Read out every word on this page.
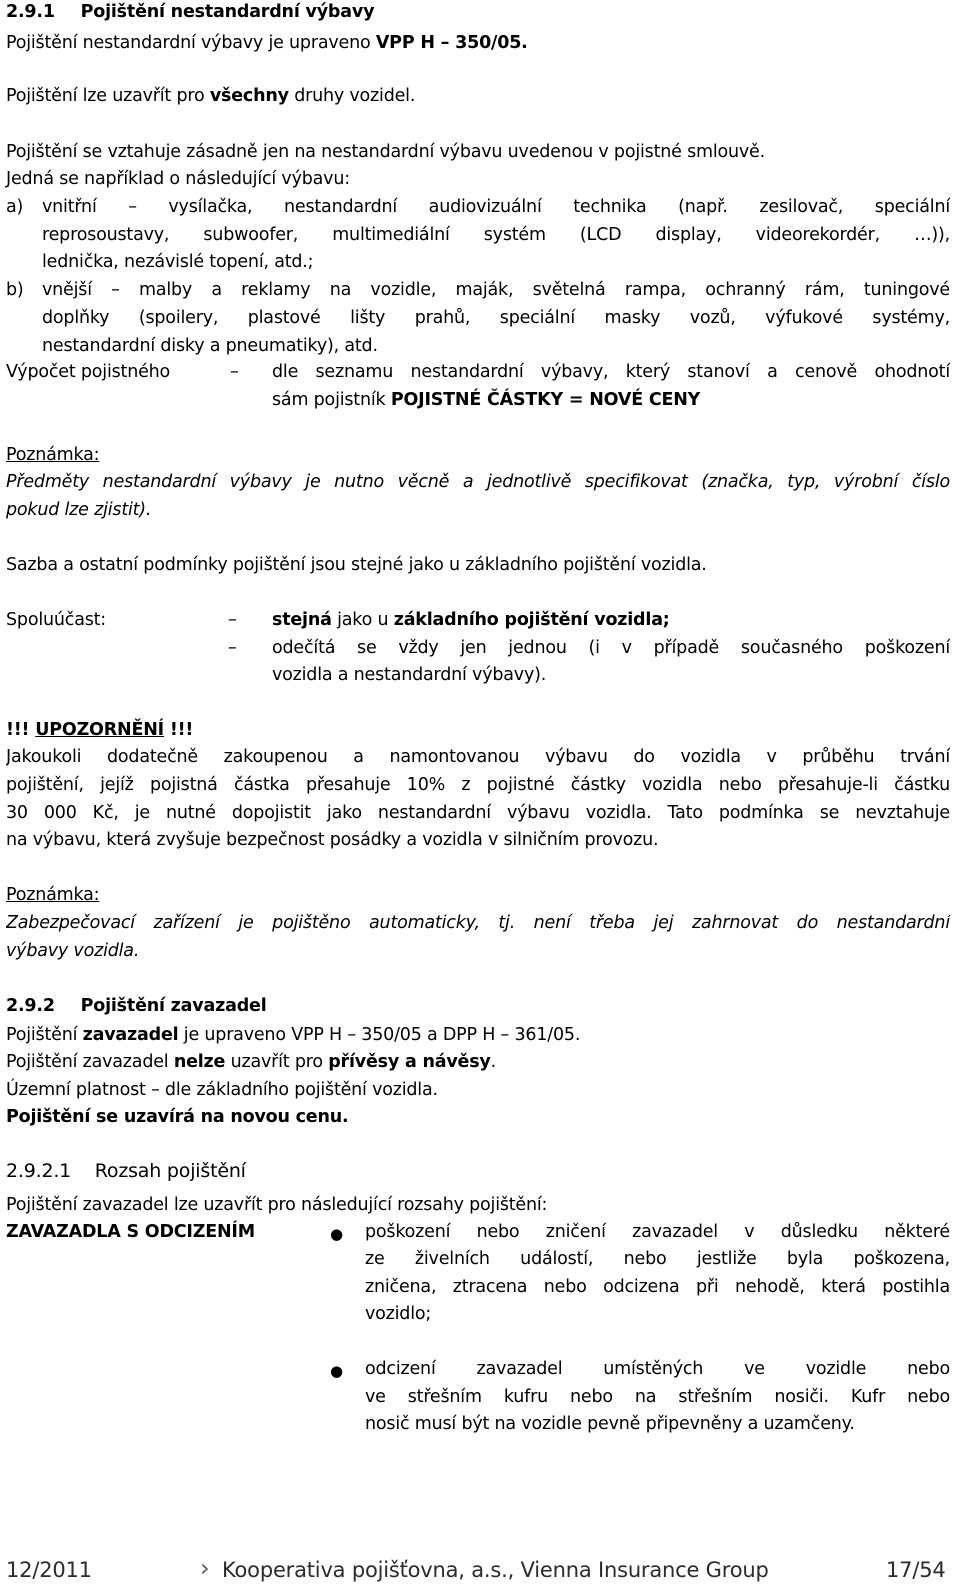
2.9.1 Pojištění nestandardní výbavy
Pojištění nestandardní výbavy je upraveno VPP H – 350/05.
Pojištění lze uzavřít pro všechny druhy vozidel.
Pojištění se vztahuje zásadně jen na nestandardní výbavu uvedenou v pojistné smlouvě.
Jedná se například o následující výbavu:
a) vnitřní – vysílačka, nestandardní audiovizuální technika (např. zesilovač, speciální
reprosoustavy, subwoofer, multimediální systém (LCD display, videorekordér, …)),
lednička, nezávislé topení, atd.;
b) vnější – malby a reklamy na vozidle, maják, světelná rampa, ochranný rám, tuningové
doplňky (spoilery, plastové lišty prahů, speciální masky vozů, výfukové systémy,
nestandardní disky a pneumatiky), atd.
Výpočet pojistného	– dle seznamu nestandardní výbavy, který stanoví a cenově ohodnotí
sám pojistník POJISTNÉ ČÁSTKY = NOVÉ CENY
Poznámka:
Předměty nestandardní výbavy je nutno věcně a jednotlivě specifikovat (značka, typ, výrobní číslo
pokud lze zjistit).
Sazba a ostatní podmínky pojištění jsou stejné jako u základního pojištění vozidla.
Spoluúčast:	– stejná jako u základního pojištění vozidla;
– odečítá se vždy jen jednou (i v případě současného poškození
vozidla a nestandardní výbavy).
!!! UPOZORNĚNÍ !!!
Jakoukoli dodatečně zakoupenou a namontovanou výbavu do vozidla v průběhu trvání
pojištění, jejíž pojistná částka přesahuje 10% z pojistné částky vozidla nebo přesahuje-li částku
30 000 Kč, je nutné dopojistit jako nestandardní výbavu vozidla. Tato podmínka se nevztahuje
na výbavu, která zvyšuje bezpečnost posádky a vozidla v silničním provozu.
Poznámka:
Zabezpečovací zařízení je pojištěno automaticky, tj. není třeba jej zahrnovat do nestandardní
výbavy vozidla.
2.9.2 Pojištění zavazadel
Pojištění zavazadel je upraveno VPP H – 350/05 a DPP H – 361/05.
Pojištění zavazadel nelze uzavřít pro přívěsy a návěsy.
Územní platnost – dle základního pojištění vozidla.
Pojištění se uzavírá na novou cenu.
2.9.2.1 Rozsah pojištění
Pojištění zavazadel lze uzavřít pro následující rozsahy pojištění:
ZAVAZADLA S ODCIZENÍM	● poškození nebo zničení zavazadel v důsledku některé
ze živelních událostí, nebo jestliže byla poškozena,
zničena, ztracena nebo odcizena při nehodě, která postihla
vozidlo;
● odcizení zavazadel umístěných ve vozidle nebo
ve střešním kufru nebo na střešním nosiči. Kufr nebo
nosič musí být na vozidle pevně připevněny a uzamčeny.
12/2011	› Kooperativa pojišťovna, a.s., Vienna Insurance Group	17/54
